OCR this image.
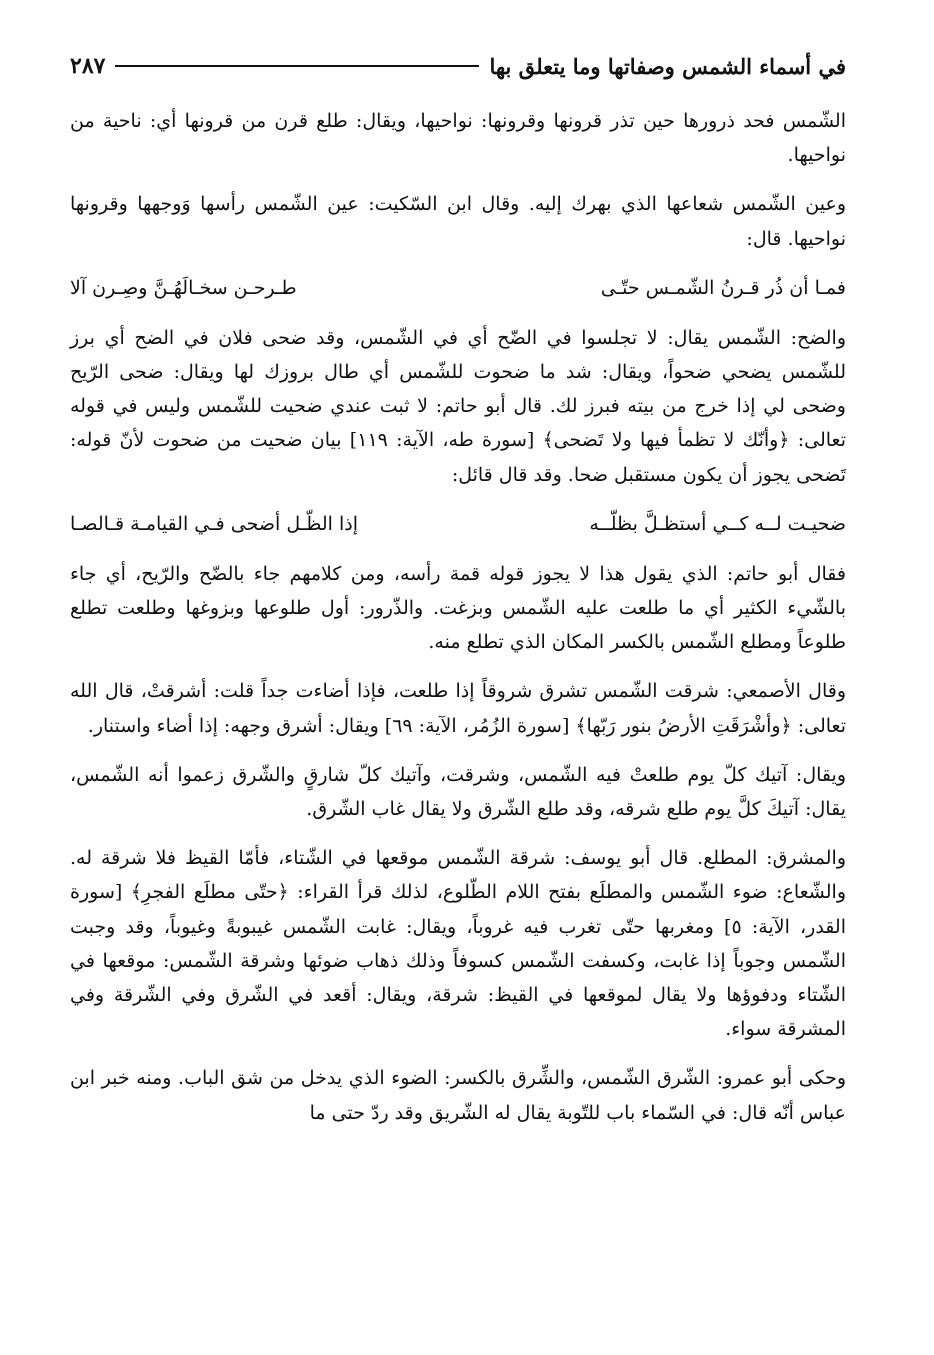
في أسماء الشمس وصفاتها وما يتعلق بها
٢٨٧

الشّمس فحد ذرورها حين تذر قرونها وقرونها: نواحيها، ويقال: طلع قرن من قرونها أي: ناحية من نواحيها.

وعين الشّمس شعاعها الذي بهرك إليه. وقال ابن السّكيت: عين الشّمس رأسها وَوجهها وقرونها نواحيها. قال:

فمـا أن ذُر قـرنُ الشّمـس حتّـى
طـرحـن سخـالَهُـنَّ وصِـرن آلا

والضح: الشّمس يقال: لا تجلسوا في الضّح أي في الشّمس، وقد ضحى فلان في الضح أي برز للشّمس يضحي ضحواً، ويقال: شد ما ضحوت للشّمس أي طال بروزك لها ويقال: ضحى الرّيح وضحى لي إذا خرج من بيته فبرز لك. قال أبو حاتم: لا ثبت عندي ضحيت للشّمس وليس في قوله تعالى: ﴿وأنّك لا تظمأ فيها ولا تَضحى﴾ [سورة طه، الآية: ١١٩] بيان ضحيت من ضحوت لأنّ قوله: تَضحى يجوز أن يكون مستقبل ضحا. وقد قال قائل:

ضحيـت لــه كــي أستظـلَّ بظلّــه
إذا الظّـل أضحى فـي القيامـة قـالصـا

فقال أبو حاتم: الذي يقول هذا لا يجوز قوله قمة رأسه، ومن كلامهم جاء بالضّح والرّيح، أي جاء بالشّيء الكثير أي ما طلعت عليه الشّمس وبزغت. والذّرور: أول طلوعها وبزوغها وطلعت تطلع طلوعاً ومطلع الشّمس بالكسر المكان الذي تطلع منه.

وقال الأصمعي: شرقت الشّمس تشرق شروقاً إذا طلعت، فإذا أضاءت جداً قلت: أشرقتْ، قال الله تعالى: ﴿وأشْرَقَتِ الأرضُ بنور رَبّها﴾ [سورة الزُمُر، الآية: ٦٩] ويقال: أشرق وجهه: إذا أضاء واستنار.

ويقال: آتيك كلّ يوم طلعتْ فيه الشّمس، وشرقت، وآتيك كلّ شارقٍ والشّرق زعموا أنه الشّمس، يقال: آتيكَ كلَّ يوم طلع شرقه، وقد طلع الشّرق ولا يقال غاب الشّرق.

والمشرق: المطلع. قال أبو يوسف: شرقة الشّمس موقعها في الشّتاء، فأمّا القيظ فلا شرقة له. والشّعاع: ضوء الشّمس والمطلَع بفتح اللام الطّلوع، لذلك قرأ القراء: ﴿حتّى مطلَع الفجرِ﴾ [سورة القدر، الآية: ٥] ومغربها حتّى تغرب فيه غروباً، ويقال: غابت الشّمس غيبوبةً وغيوباً، وقد وجبت الشّمس وجوباً إذا غابت، وكسفت الشّمس كسوفاً وذلك ذهاب ضوئها وشرقة الشّمس: موقعها في الشّتاء ودفوؤها ولا يقال لموقعها في القيظ: شرقة، ويقال: أقعد في الشّرق وفي الشّرقة وفي المشرقة سواء.

وحكى أبو عمرو: الشّرق الشّمس، والشِّرق بالكسر: الضوء الذي يدخل من شق الباب. ومنه خبر ابن عباس أنّه قال: في السّماء باب للتّوبة يقال له الشّريق وقد ردّ حتى ما
